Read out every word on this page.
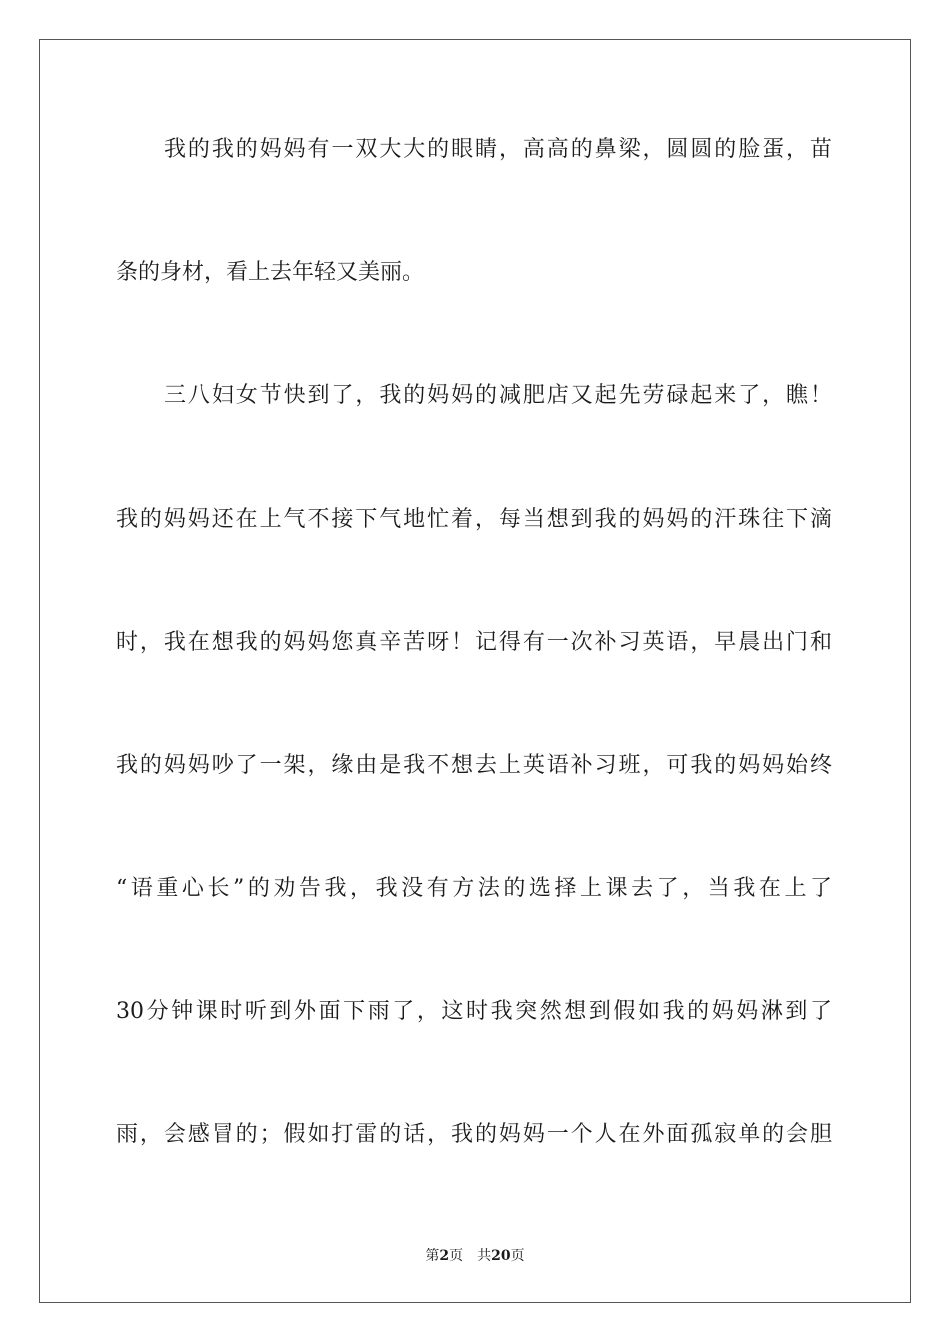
我的我的妈妈有一双大大的眼睛，高高的鼻梁，圆圆的脸蛋，苗
条的身材，看上去年轻又美丽。
三八妇女节快到了，我的妈妈的减肥店又起先劳碌起来了，瞧！
我的妈妈还在上气不接下气地忙着，每当想到我的妈妈的汗珠往下滴
时，我在想我的妈妈您真辛苦呀！记得有一次补习英语，早晨出门和
我的妈妈吵了一架，缘由是我不想去上英语补习班，可我的妈妈始终
“语重心长”的劝告我，我没有方法的选择上课去了，当我在上了
30分钟课时听到外面下雨了，这时我突然想到假如我的妈妈淋到了
雨，会感冒的；假如打雷的话，我的妈妈一个人在外面孤寂单的会胆
第2页 共20页
